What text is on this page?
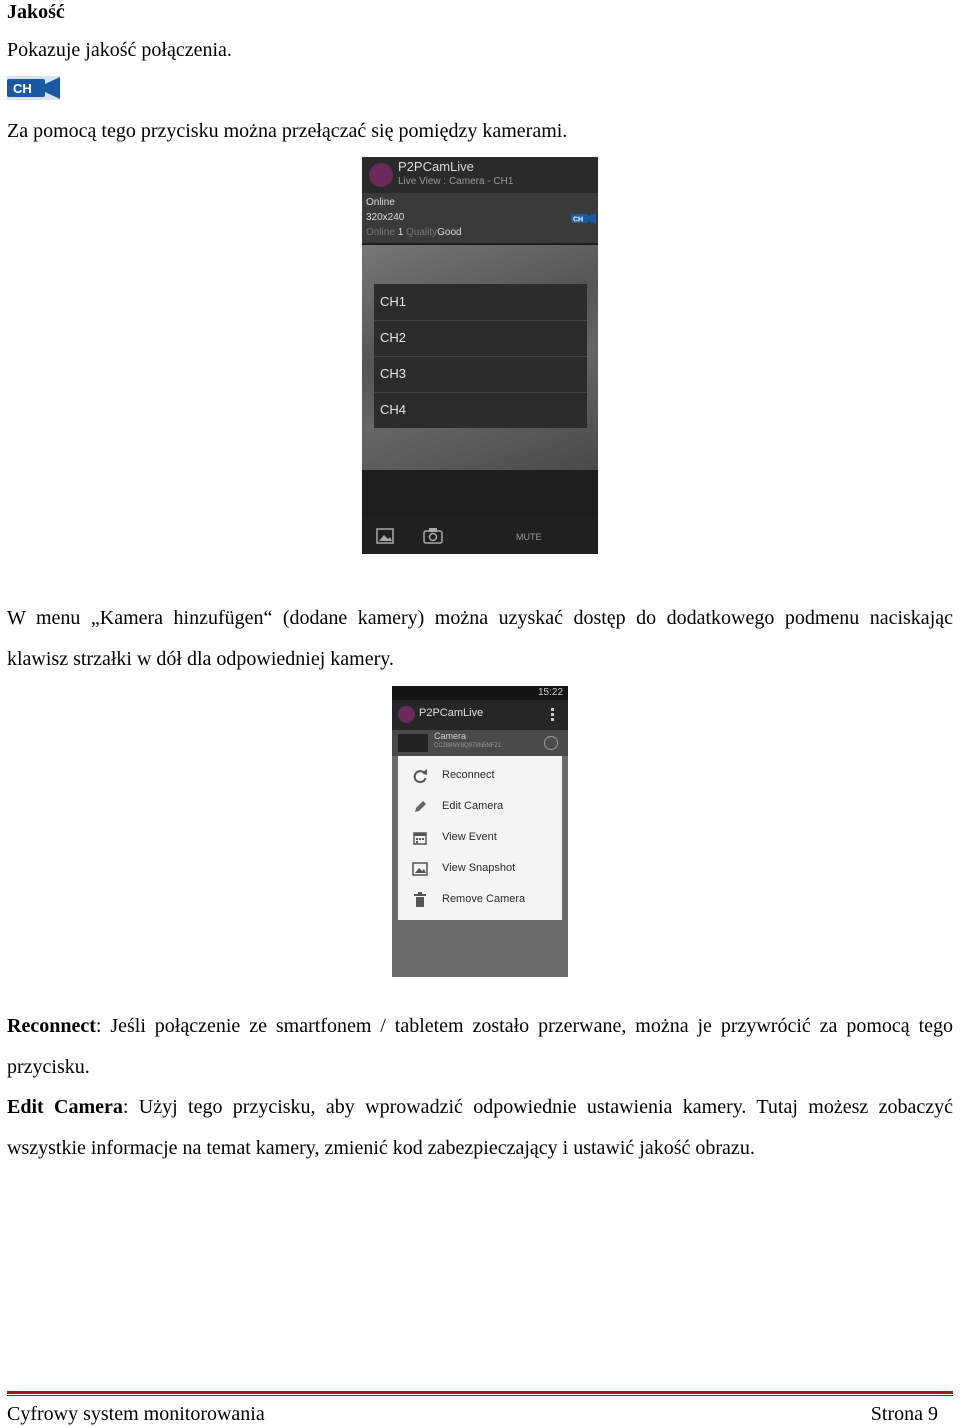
Jakość
Pokazuje jakość połączenia.
CH
Za pomocą tego przycisku można przełączać się pomiędzy kamerami.
P2PCamLive
Live View : Camera - CH1
Online
320x240
Online 1 QualityGood
CH
CH1
CH2
CH3
CH4
MUTE
W menu „Kamera hinzufügen“ (dodane kamery) można uzyskać dostęp do dodatkowego podmenu naciskając klawisz strzałki w dół dla odpowiedniej kamery.
15:22
P2PCamLive
Camera
CCJ88NY8Q978N5NFZ1
Reconnect
Edit Camera
View Event
View Snapshot
Remove Camera
Reconnect: Jeśli połączenie ze smartfonem / tabletem zostało przerwane, można je przywrócić za pomocą tego przycisku.
Edit Camera: Użyj tego przycisku, aby wprowadzić odpowiednie ustawienia kamery. Tutaj możesz zobaczyć wszystkie informacje na temat kamery, zmienić kod zabezpieczający i ustawić jakość obrazu.
Cyfrowy system monitorowania	Strona 9
